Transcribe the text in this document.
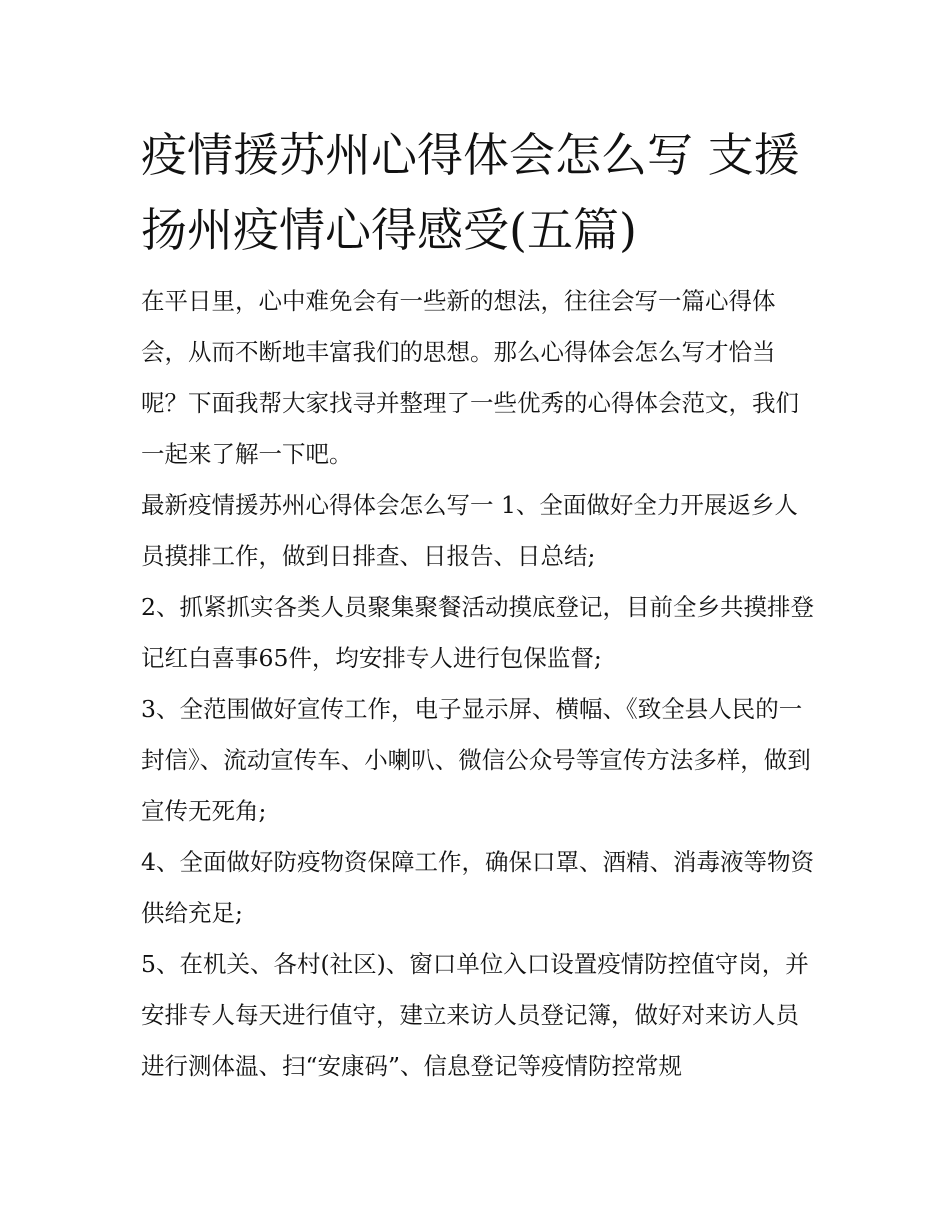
疫情援苏州心得体会怎么写 支援扬州疫情心得感受(五篇)

在平日里，心中难免会有一些新的想法，往往会写一篇心得体会，从而不断地丰富我们的思想。那么心得体会怎么写才恰当呢？下面我帮大家找寻并整理了一些优秀的心得体会范文，我们一起来了解一下吧。

最新疫情援苏州心得体会怎么写一 1、全面做好全力开展返乡人员摸排工作，做到日排查、日报告、日总结;

2、抓紧抓实各类人员聚集聚餐活动摸底登记，目前全乡共摸排登记红白喜事65件，均安排专人进行包保监督;

3、全范围做好宣传工作，电子显示屏、横幅、《致全县人民的一封信》、流动宣传车、小喇叭、微信公众号等宣传方法多样，做到宣传无死角;

4、全面做好防疫物资保障工作，确保口罩、酒精、消毒液等物资供给充足;

5、在机关、各村(社区)、窗口单位入口设置疫情防控值守岗，并安排专人每天进行值守，建立来访人员登记簿，做好对来访人员进行测体温、扫“安康码”、信息登记等疫情防控常规
